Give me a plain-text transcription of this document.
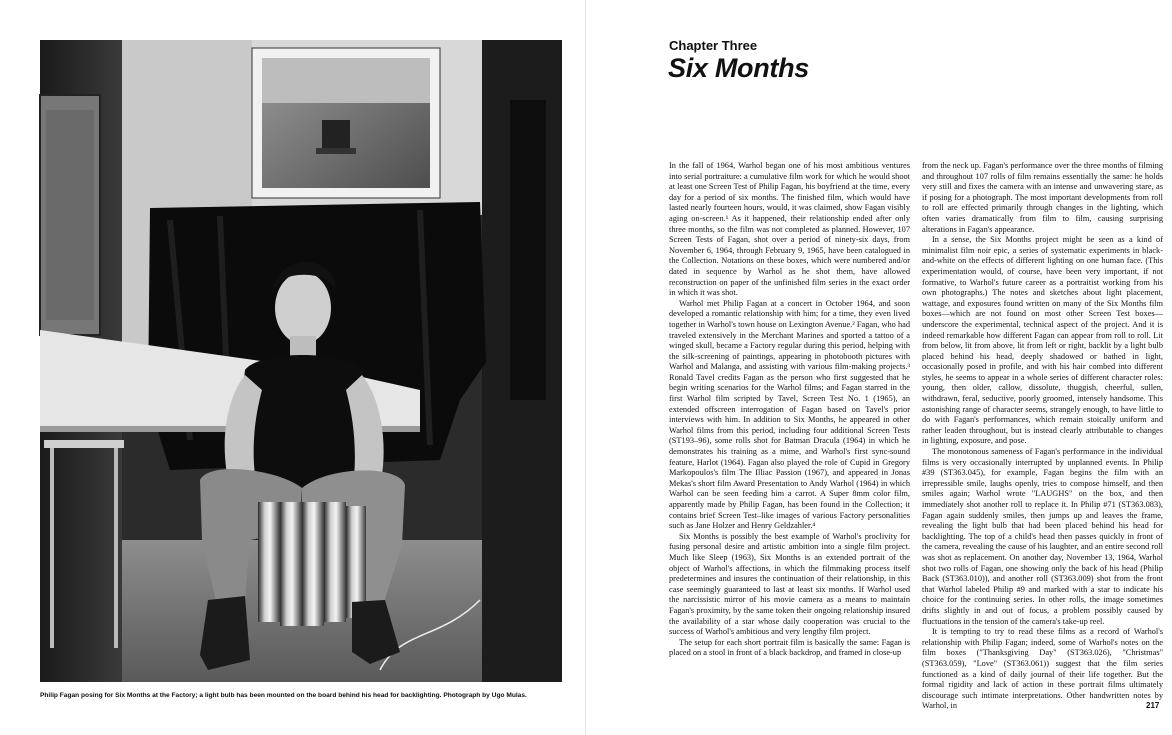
Philip Fagan posing for Six Months at the Factory; a light bulb has been mounted on the board behind his head for backlighting. Photograph by Ugo Mulas.
Chapter Three
Six Months

In the fall of 1964, Warhol began one of his most ambitious ventures into serial portraiture: a cumulative film work for which he would shoot at least one Screen Test of Philip Fagan, his boyfriend at the time, every day for a period of six months. The finished film, which would have lasted nearly fourteen hours, would, it was claimed, show Fagan visibly aging on-screen.¹ As it happened, their relationship ended after only three months, so the film was not completed as planned. However, 107 Screen Tests of Fagan, shot over a period of ninety-six days, from November 6, 1964, through February 9, 1965, have been catalogued in the Collection. Notations on these boxes, which were numbered and/or dated in sequence by Warhol as he shot them, have allowed reconstruction on paper of the unfinished film series in the exact order in which it was shot.

Warhol met Philip Fagan at a concert in October 1964, and soon developed a romantic relationship with him; for a time, they even lived together in Warhol's town house on Lexington Avenue.² Fagan, who had traveled extensively in the Merchant Marines and sported a tattoo of a winged skull, became a Factory regular during this period, helping with the silk-screening of paintings, appearing in photobooth pictures with Warhol and Malanga, and assisting with various film-making projects.³ Ronald Tavel credits Fagan as the person who first suggested that he begin writing scenarios for the Warhol films; and Fagan starred in the first Warhol film scripted by Tavel, Screen Test No. 1 (1965), an extended offscreen interrogation of Fagan based on Tavel's prior interviews with him. In addition to Six Months, he appeared in other Warhol films from this period, including four additional Screen Tests (ST193–96), some rolls shot for Batman Dracula (1964) in which he demonstrates his training as a mime, and Warhol's first sync-sound feature, Harlot (1964). Fagan also played the role of Cupid in Gregory Markopoulos's film The Illiac Passion (1967), and appeared in Jonas Mekas's short film Award Presentation to Andy Warhol (1964) in which Warhol can be seen feeding him a carrot. A Super 8mm color film, apparently made by Philip Fagan, has been found in the Collection; it contains brief Screen Test–like images of various Factory personalities such as Jane Holzer and Henry Geldzahler.⁴

Six Months is possibly the best example of Warhol's proclivity for fusing personal desire and artistic ambition into a single film project. Much like Sleep (1963), Six Months is an extended portrait of the object of Warhol's affections, in which the filmmaking process itself predetermines and insures the continuation of their relationship, in this case seemingly guaranteed to last at least six months. If Warhol used the narcissistic mirror of his movie camera as a means to maintain Fagan's proximity, by the same token their ongoing relationship insured the availability of a star whose daily cooperation was crucial to the success of Warhol's ambitious and very lengthy film project.

The setup for each short portrait film is basically the same: Fagan is placed on a stool in front of a black backdrop, and framed in close-up

from the neck up. Fagan's performance over the three months of filming and throughout 107 rolls of film remains essentially the same: he holds very still and fixes the camera with an intense and unwavering stare, as if posing for a photograph. The most important developments from roll to roll are effected primarily through changes in the lighting, which often varies dramatically from film to film, causing surprising alterations in Fagan's appearance.

In a sense, the Six Months project might be seen as a kind of minimalist film noir epic, a series of systematic experiments in black-and-white on the effects of different lighting on one human face. (This experimentation would, of course, have been very important, if not formative, to Warhol's future career as a portraitist working from his own photographs.) The notes and sketches about light placement, wattage, and exposures found written on many of the Six Months film boxes—which are not found on most other Screen Test boxes—underscore the experimental, technical aspect of the project. And it is indeed remarkable how different Fagan can appear from roll to roll. Lit from below, lit from above, lit from left or right, backlit by a light bulb placed behind his head, deeply shadowed or bathed in light, occasionally posed in profile, and with his hair combed into different styles, he seems to appear in a whole series of different character roles: young, then older, callow, dissolute, thuggish, cheerful, sullen, withdrawn, feral, seductive, poorly groomed, intensely handsome. This astonishing range of character seems, strangely enough, to have little to do with Fagan's performances, which remain stoically uniform and rather leaden throughout, but is instead clearly attributable to changes in lighting, exposure, and pose.

The monotonous sameness of Fagan's performance in the individual films is very occasionally interrupted by unplanned events. In Philip #39 (ST363.045), for example, Fagan begins the film with an irrepressible smile, laughs openly, tries to compose himself, and then smiles again; Warhol wrote "LAUGHS" on the box, and then immediately shot another roll to replace it. In Philip #71 (ST363.083), Fagan again suddenly smiles, then jumps up and leaves the frame, revealing the light bulb that had been placed behind his head for backlighting. The top of a child's head then passes quickly in front of the camera, revealing the cause of his laughter, and an entire second roll was shot as replacement. On another day, November 13, 1964, Warhol shot two rolls of Fagan, one showing only the back of his head (Philip Back (ST363.010)), and another roll (ST363.009) shot from the front that Warhol labeled Philip #9 and marked with a star to indicate his choice for the continuing series. In other rolls, the image sometimes drifts slightly in and out of focus, a problem possibly caused by fluctuations in the tension of the camera's take-up reel.

It is tempting to try to read these films as a record of Warhol's relationship with Philip Fagan; indeed, some of Warhol's notes on the film boxes ("Thanksgiving Day" (ST363.026), "Christmas" (ST363.059), "Love" (ST363.061)) suggest that the film series functioned as a kind of daily journal of their life together. But the formal rigidity and lack of action in these portrait films ultimately discourage such intimate interpretations. Other handwritten notes by Warhol, in	217
